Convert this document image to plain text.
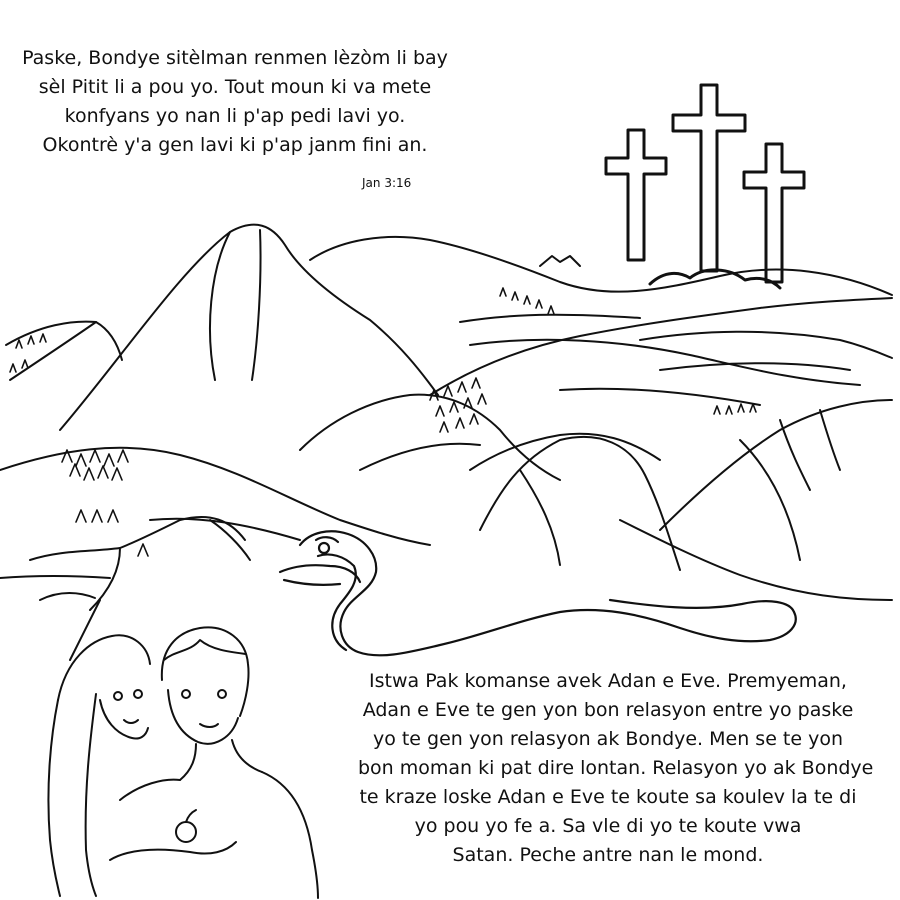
Paske, Bondye sitèlman renmen lèzòm li bay
sèl Pitit li a pou yo. Tout moun ki va mete
konfyans yo nan li p'ap pedi lavi yo.
Okontrè y'a gen lavi ki p'ap janm fini an.
Jan 3:16
Istwa Pak komanse avek Adan e Eve. Premyeman,
Adan e Eve te gen yon bon relasyon entre yo paske
yo te gen yon relasyon ak Bondye. Men se te yon
bon moman ki pat dire lontan. Relasyon yo ak Bondye
te kraze loske Adan e Eve te koute sa koulev la te di
yo pou yo fe a. Sa vle di yo te koute vwa
Satan. Peche antre nan le mond.
